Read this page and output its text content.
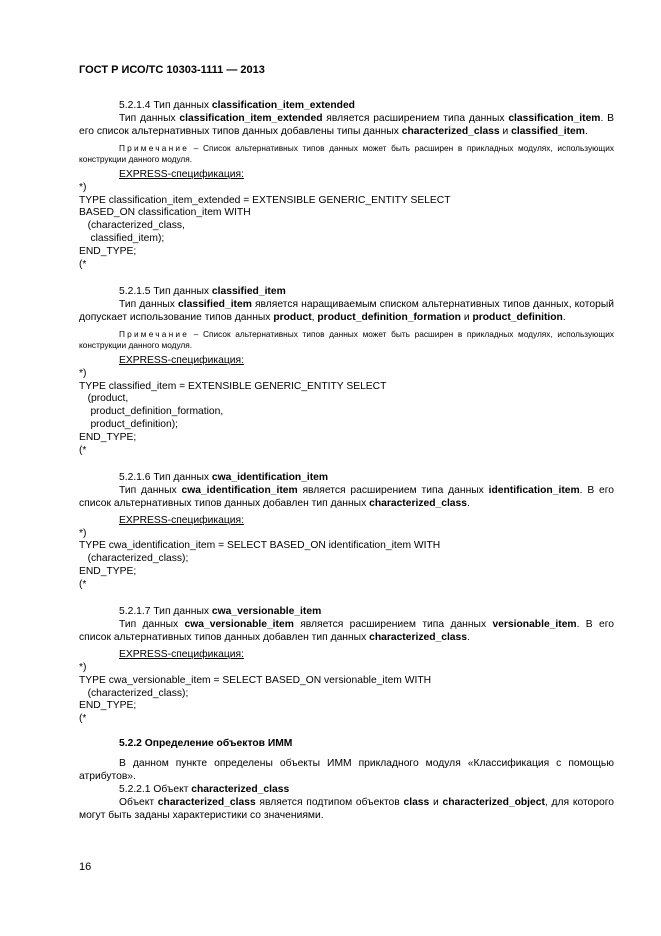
ГОСТ Р ИСО/ТС 10303-1111 — 2013

5.2.1.4 Тип данных classification_item_extended

Тип данных classification_item_extended является расширением типа данных classification_item. В его список альтернативных типов данных добавлены типы данных characterized_class и classified_item.

Примечание – Список альтернативных типов данных может быть расширен в прикладных модулях, использующих конструкции данного модуля.

EXPRESS-спецификация:

*)
TYPE classification_item_extended = EXTENSIBLE GENERIC_ENTITY SELECT
BASED_ON classification_item WITH
(characterized_class,
classified_item);
END_TYPE;
(*

5.2.1.5 Тип данных classified_item

Тип данных classified_item является наращиваемым списком альтернативных типов данных, который допускает использование типов данных product, product_definition_formation и product_definition.

Примечание – Список альтернативных типов данных может быть расширен в прикладных модулях, использующих конструкции данного модуля.

EXPRESS-спецификация:

*)
TYPE classified_item = EXTENSIBLE GENERIC_ENTITY SELECT
(product,
product_definition_formation,
product_definition);
END_TYPE;
(*

5.2.1.6 Тип данных cwa_identification_item

Тип данных cwa_identification_item является расширением типа данных identification_item. В его список альтернативных типов данных добавлен тип данных characterized_class.

EXPRESS-спецификация:

*)
TYPE cwa_identification_item = SELECT BASED_ON identification_item WITH
(characterized_class);
END_TYPE;
(*

5.2.1.7 Тип данных cwa_versionable_item

Тип данных cwa_versionable_item является расширением типа данных versionable_item. В его список альтернативных типов данных добавлен тип данных characterized_class.

EXPRESS-спецификация:

*)
TYPE cwa_versionable_item = SELECT BASED_ON versionable_item WITH
(characterized_class);
END_TYPE;
(*

5.2.2 Определение объектов ИММ

В данном пункте определены объекты ИММ прикладного модуля «Классификация с помощью атрибутов».

5.2.2.1 Объект characterized_class

Объект characterized_class является подтипом объектов class и characterized_object, для которого могут быть заданы характеристики со значениями.

16
